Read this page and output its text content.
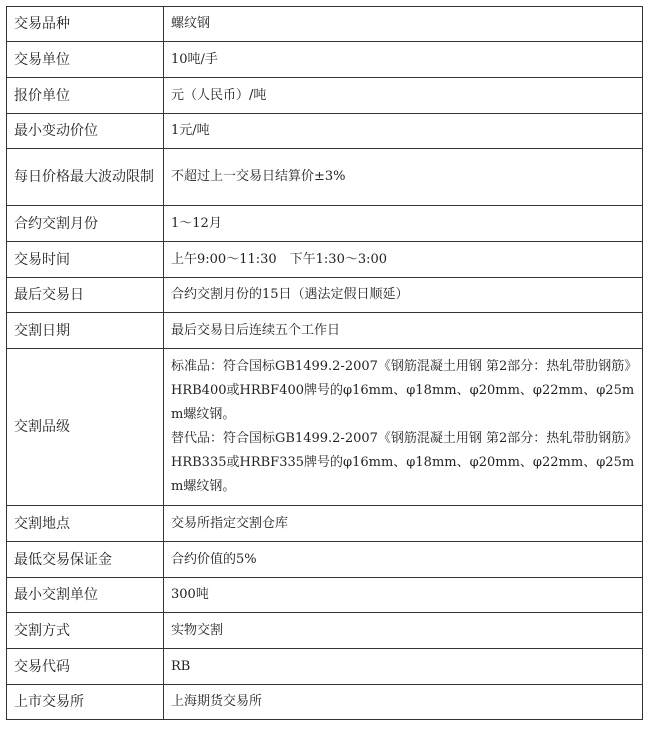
交易品种	螺纹钢
交易单位	10吨/手
报价单位	元（人民币）/吨
最小变动价位	1元/吨
每日价格最大波动限制	不超过上一交易日结算价±3%
合约交割月份	1～12月
交易时间	上午9:00～11:30　下午1:30～3:00
最后交易日	合约交割月份的15日（遇法定假日顺延）
交割日期	最后交易日后连续五个工作日
交割品级	标准品：符合国标GB1499.2-2007《钢筋混凝土用钢 第2部分：热轧带肋钢筋》HRB400或HRBF400牌号的φ16mm、φ18mm、φ20mm、φ22mm、φ25mm螺纹钢。
替代品：符合国标GB1499.2-2007《钢筋混凝土用钢 第2部分：热轧带肋钢筋》HRB335或HRBF335牌号的φ16mm、φ18mm、φ20mm、φ22mm、φ25mm螺纹钢。

交割地点	交易所指定交割仓库
最低交易保证金	合约价值的5%
最小交割单位	300吨
交割方式	实物交割
交易代码	RB
上市交易所	上海期货交易所
